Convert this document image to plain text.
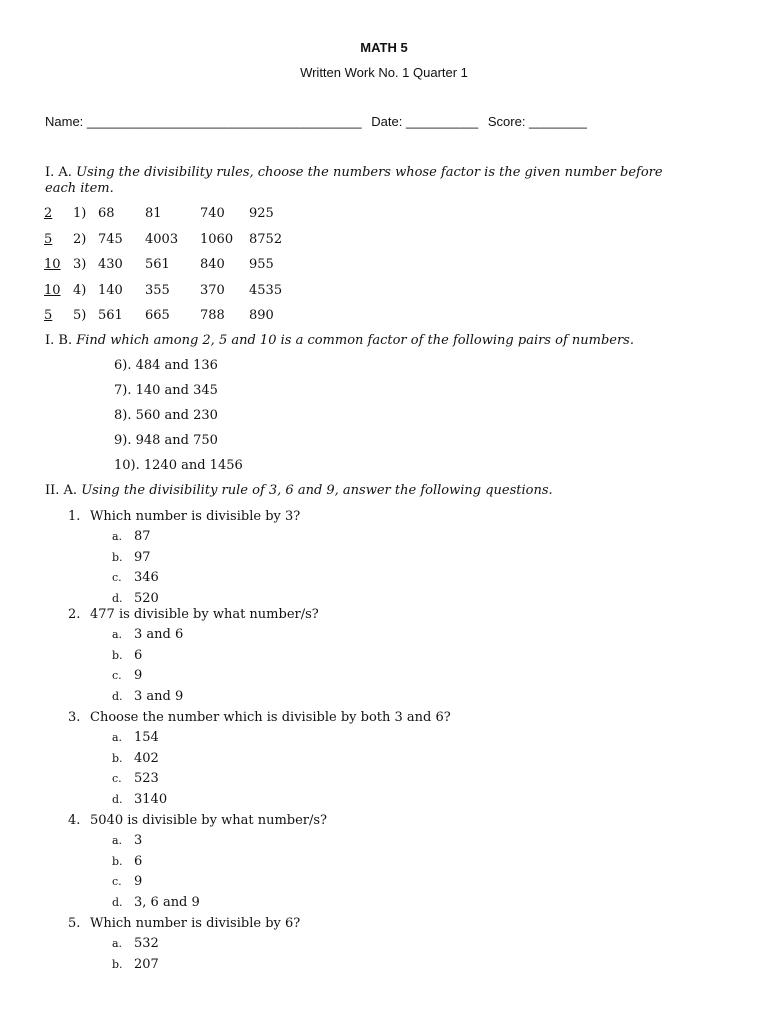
MATH 5
Written Work No. 1 Quarter 1
Name: ______________________________________ Date: __________ Score: ________
I. A. Using the divisibility rules, choose the numbers whose factor is the given number before
each item.
2 1) 68 81	740 925
5 2) 745 4003 1060 8752
10 3) 430 561 840 955
10 4) 140 355 370 4535
5 5) 561 665 788 890
I. B. Find which among 2, 5 and 10 is a common factor of the following pairs of numbers.
6). 484 and 136
7). 140 and 345
8). 560 and 230
9). 948 and 750
10). 1240 and 1456
II. A. Using the divisibility rule of 3, 6 and 9, answer the following questions.
1. Which number is divisible by 3?
a. 87
b. 97
c. 346
d. 520
2. 477 is divisible by what number/s?
a. 3 and 6
b. 6
c. 9
d. 3 and 9
3. Choose the number which is divisible by both 3 and 6?
a. 154
b. 402
c. 523
d. 3140
4. 5040 is divisible by what number/s?
a. 3
b. 6
c. 9
d. 3, 6 and 9
5. Which number is divisible by 6?
a. 532
b. 207
